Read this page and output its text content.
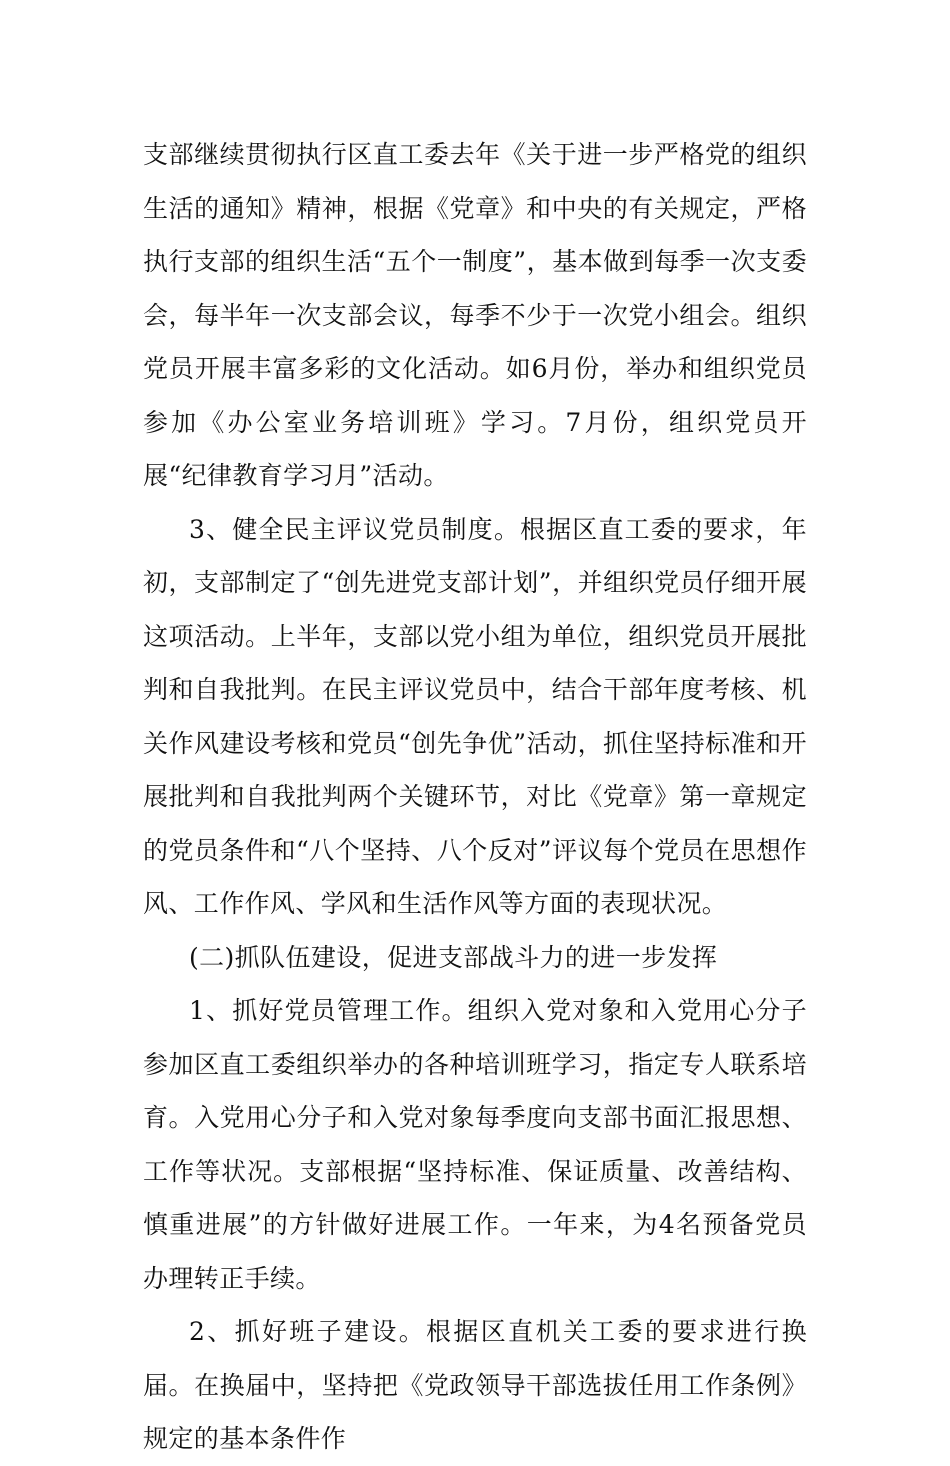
支部继续贯彻执行区直工委去年《关于进一步严格党的组织生活的通知》精神，根据《党章》和中央的有关规定，严格执行支部的组织生活“五个一制度”，基本做到每季一次支委会，每半年一次支部会议，每季不少于一次党小组会。组织党员开展丰富多彩的文化活动。如6月份，举办和组织党员参加《办公室业务培训班》学习。7月份，组织党员开展“纪律教育学习月”活动。

3、健全民主评议党员制度。根据区直工委的要求，年初，支部制定了“创先进党支部计划”，并组织党员仔细开展这项活动。上半年，支部以党小组为单位，组织党员开展批判和自我批判。在民主评议党员中，结合干部年度考核、机关作风建设考核和党员“创先争优”活动，抓住坚持标准和开展批判和自我批判两个关键环节，对比《党章》第一章规定的党员条件和“八个坚持、八个反对”评议每个党员在思想作风、工作作风、学风和生活作风等方面的表现状况。

(二)抓队伍建设，促进支部战斗力的进一步发挥

1、抓好党员管理工作。组织入党对象和入党用心分子参加区直工委组织举办的各种培训班学习，指定专人联系培育。入党用心分子和入党对象每季度向支部书面汇报思想、工作等状况。支部根据“坚持标准、保证质量、改善结构、慎重进展”的方针做好进展工作。一年来，为4名预备党员办理转正手续。

2、抓好班子建设。根据区直机关工委的要求进行换届。在换届中，坚持把《党政领导干部选拔任用工作条例》规定的基本条件作
